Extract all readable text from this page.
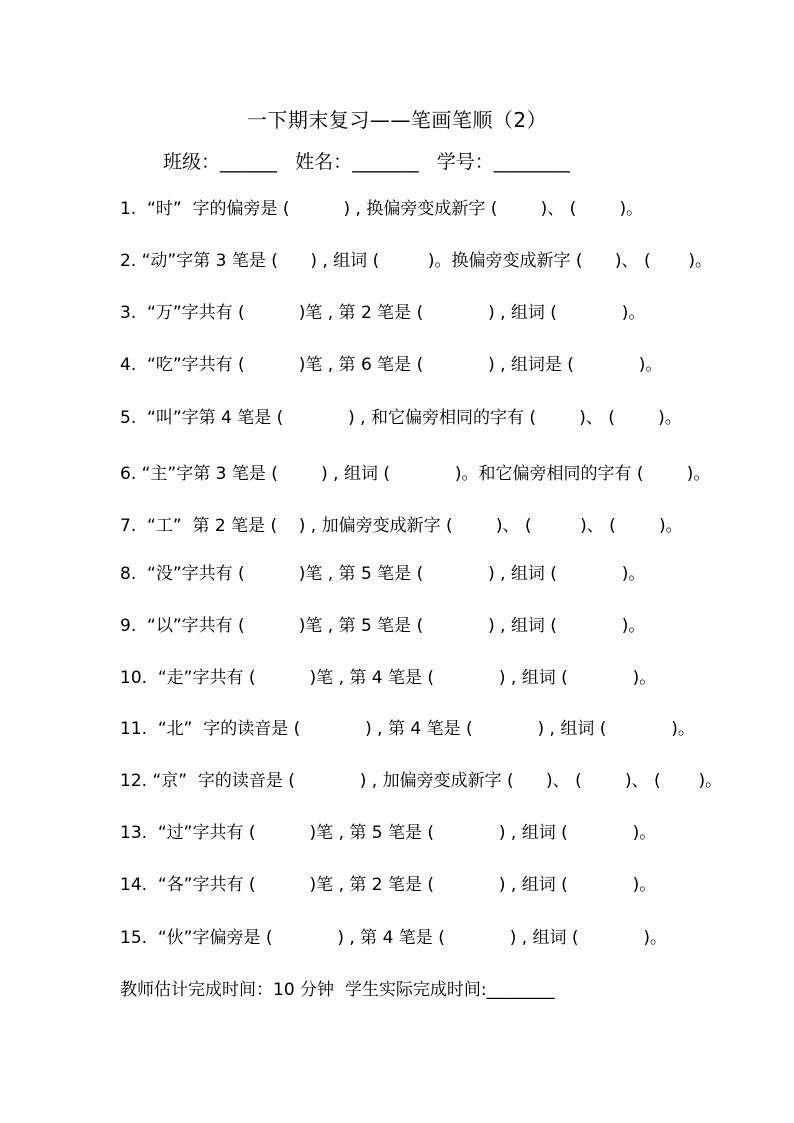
一下期末复习——笔画笔顺（2）
班级：______ 姓名：_______ 学号：________
1.  “时”  字的偏旁是 (          ) , 换偏旁变成新字 (        )、 (        )。
2. “动”字第 3 笔是 (      ) , 组词 (         )。换偏旁变成新字 (      )、 (       )。
3.  “万”字共有 (          )笔 , 第 2 笔是 (            ) , 组词 (            )。
4.  “吃”字共有 (          )笔 , 第 6 笔是 (            ) , 组词是 (            )。
5.  “叫”字第 4 笔是 (            ) , 和它偏旁相同的字有 (        )、 (        )。
6. “主”字第 3 笔是 (        ) , 组词 (            )。和它偏旁相同的字有 (        )。
7.  “工”  第 2 笔是 (    ) , 加偏旁变成新字 (        )、 (         )、 (        )。
8.  “没”字共有 (          )笔 , 第 5 笔是 (            ) , 组词 (            )。
9.  “以”字共有 (          )笔 , 第 5 笔是 (            ) , 组词 (            )。
10.  “走”字共有 (          )笔 , 第 4 笔是 (            ) , 组词 (            )。
11.  “北”  字的读音是 (            ) , 第 4 笔是 (            ) , 组词 (            )。
12. “京”  字的读音是 (            ) , 加偏旁变成新字 (      )、 (        )、 (       )。
13.  “过”字共有 (          )笔 , 第 5 笔是 (            ) , 组词 (            )。
14.  “各”字共有 (          )笔 , 第 2 笔是 (            ) , 组词 (            )。
15.  “伙”字偏旁是 (            ) , 第 4 笔是 (            ) , 组词 (            )。
教师估计完成时间：10 分钟  学生实际完成时间:________
